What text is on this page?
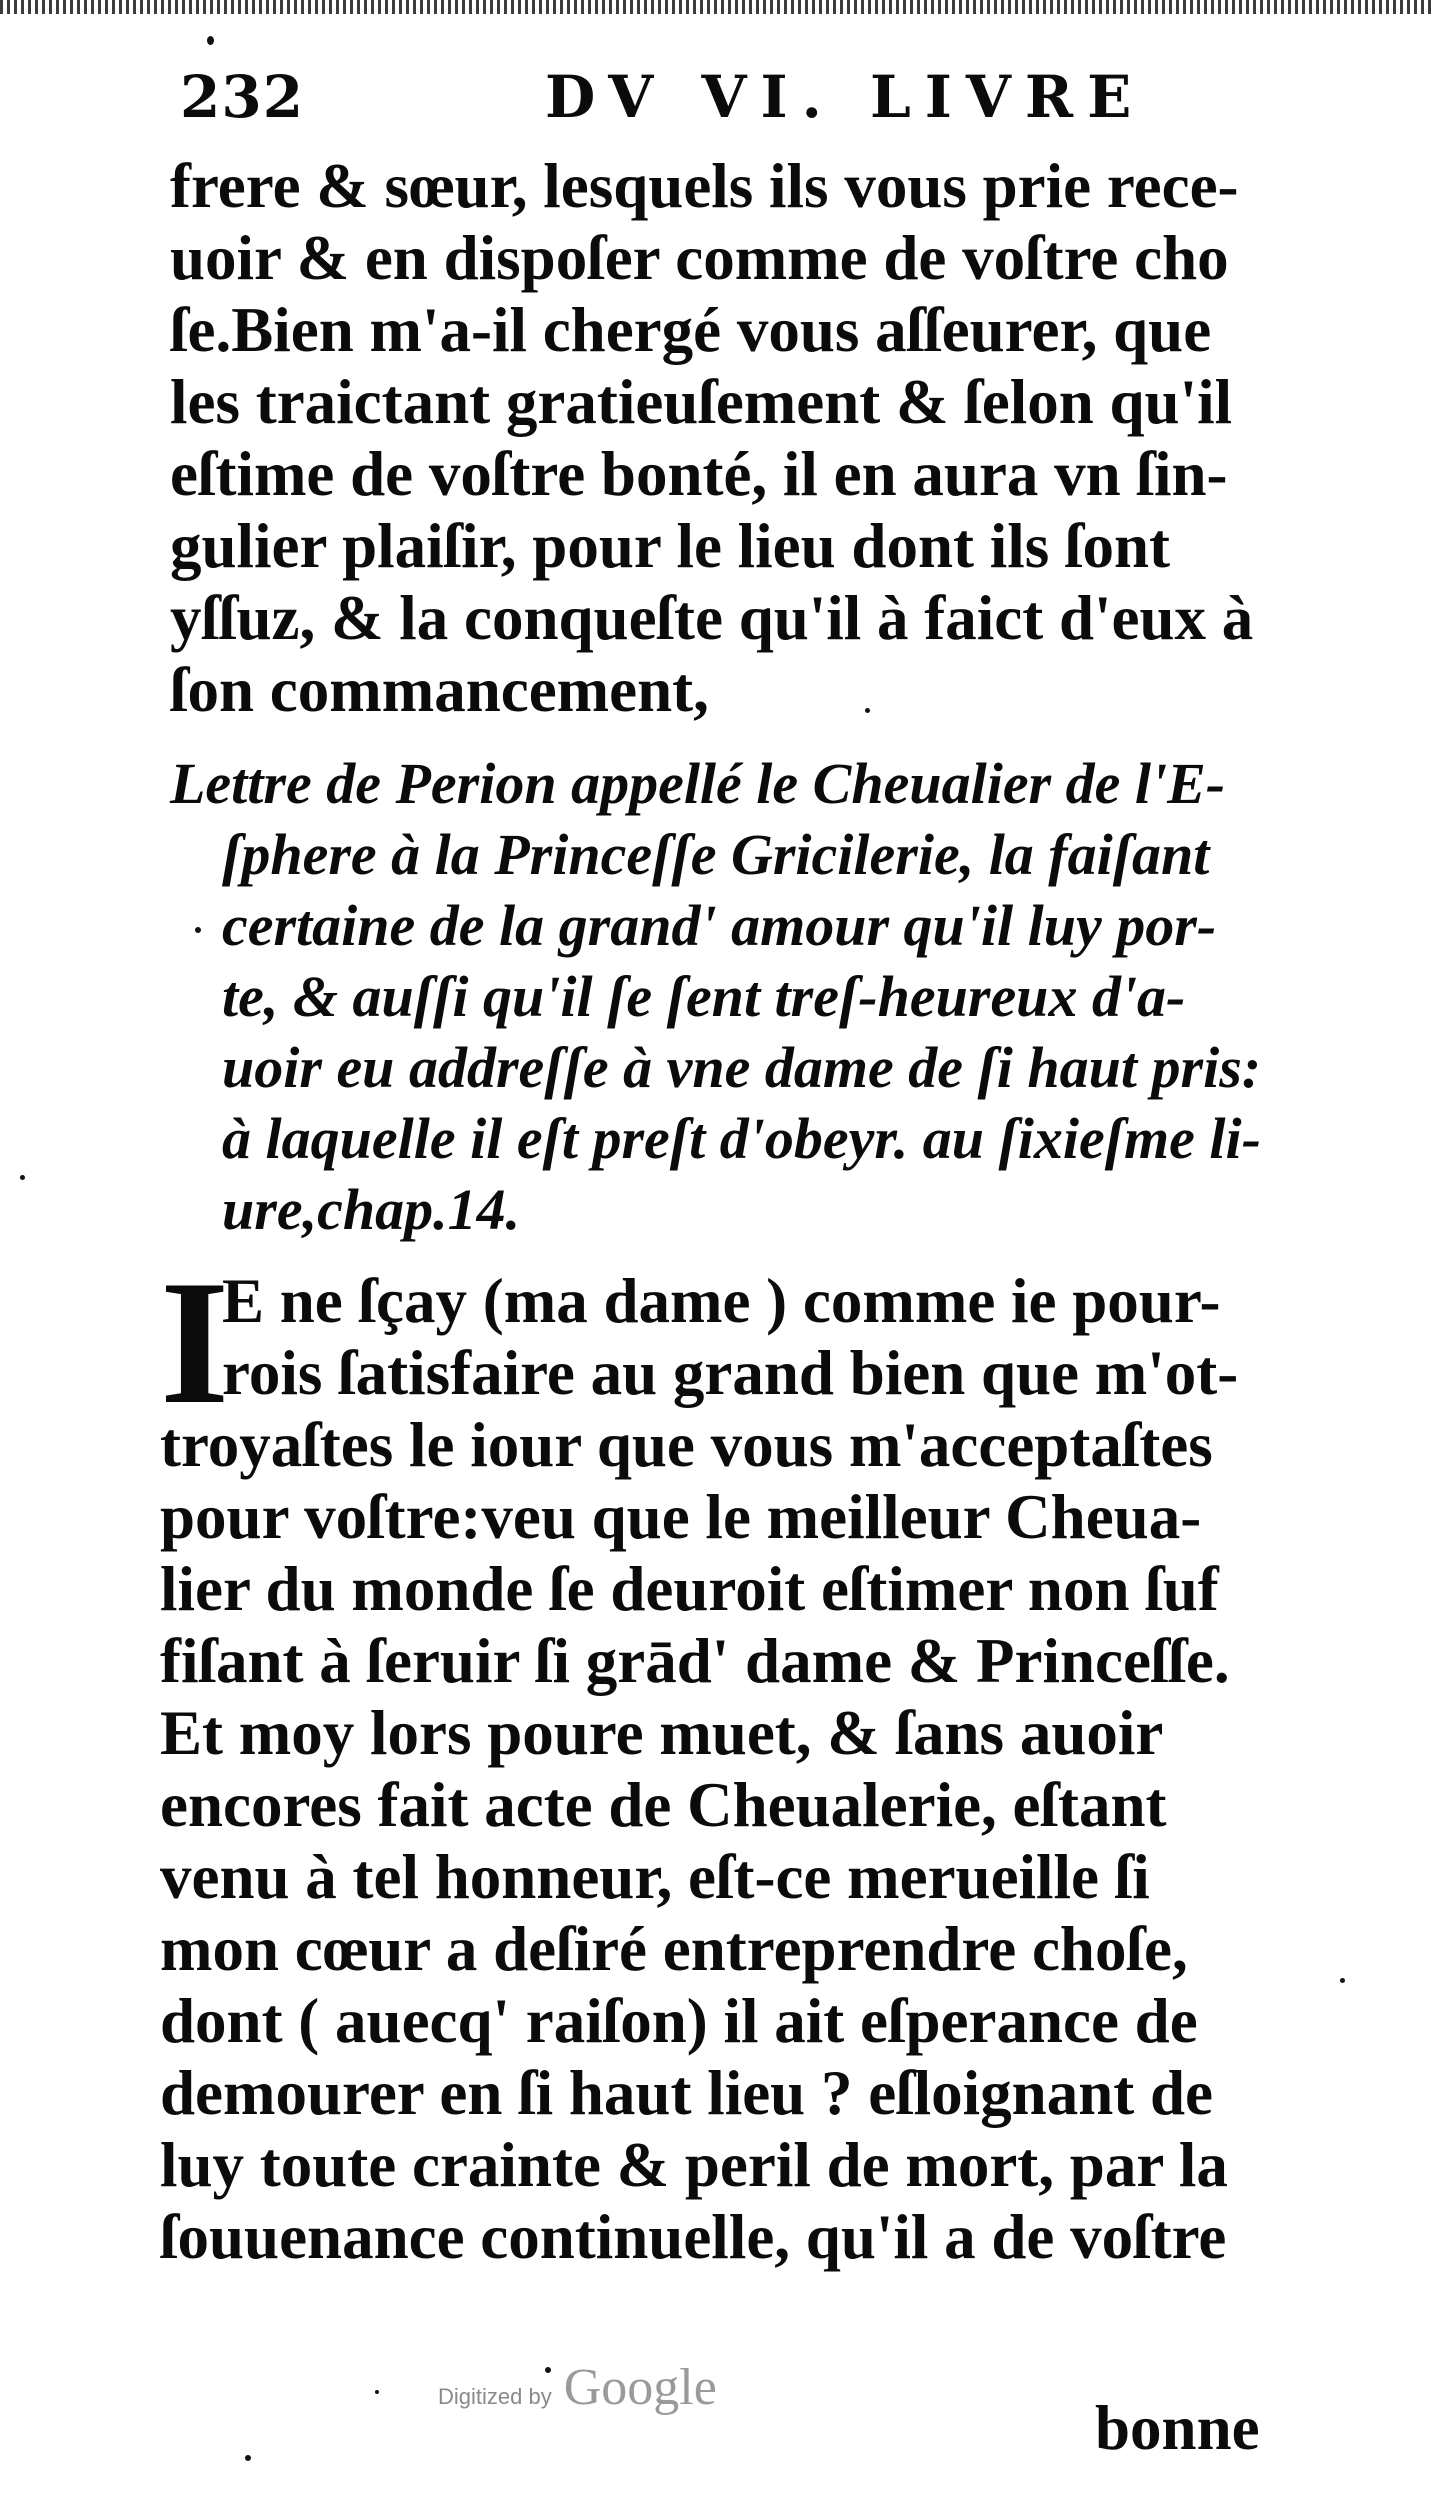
232	DV VI. LIVRE
frere & sœur, lesquels ils vous prie rece-
uoir & en dispoſer comme de voſtre cho
ſe.Bien m'a-il chergé vous aſſeurer, que
les traictant gratieuſement & ſelon qu'il
eſtime de voſtre bonté, il en aura vn ſin-
gulier plaiſir, pour le lieu dont ils ſont
yſſuz, & la conqueſte qu'il à faict d'eux à
ſon commancement,
Lettre de Perion appellé le Cheualier de l'E-
ſphere à la Princeſſe Gricilerie, la faiſant
certaine de la grand' amour qu'il luy por-
te, & auſſi qu'il ſe ſent treſ-heureux d'a-
uoir eu addreſſe à vne dame de ſi haut pris:
à laquelle il eſt preſt d'obeyr. au ſixieſme li-
ure,chap.14.
I
E ne ſçay (ma dame ) comme ie pour-
rois ſatisfaire au grand bien que m'ot-
troyaſtes le iour que vous m'acceptaſtes
pour voſtre:veu que le meilleur Cheua-
lier du monde ſe deuroit eſtimer non ſuf
fiſant à ſeruir ſi grād' dame & Princeſſe.
Et moy lors poure muet, & ſans auoir
encores fait acte de Cheualerie, eſtant
venu à tel honneur, eſt-ce merueille ſi
mon cœur a deſiré entreprendre choſe,
dont ( auecq' raiſon) il ait eſperance de
demourer en ſi haut lieu ? eſloignant de
luy toute crainte & peril de mort, par la
ſouuenance continuelle, qu'il a de voſtre
bonne
Digitized by Google
